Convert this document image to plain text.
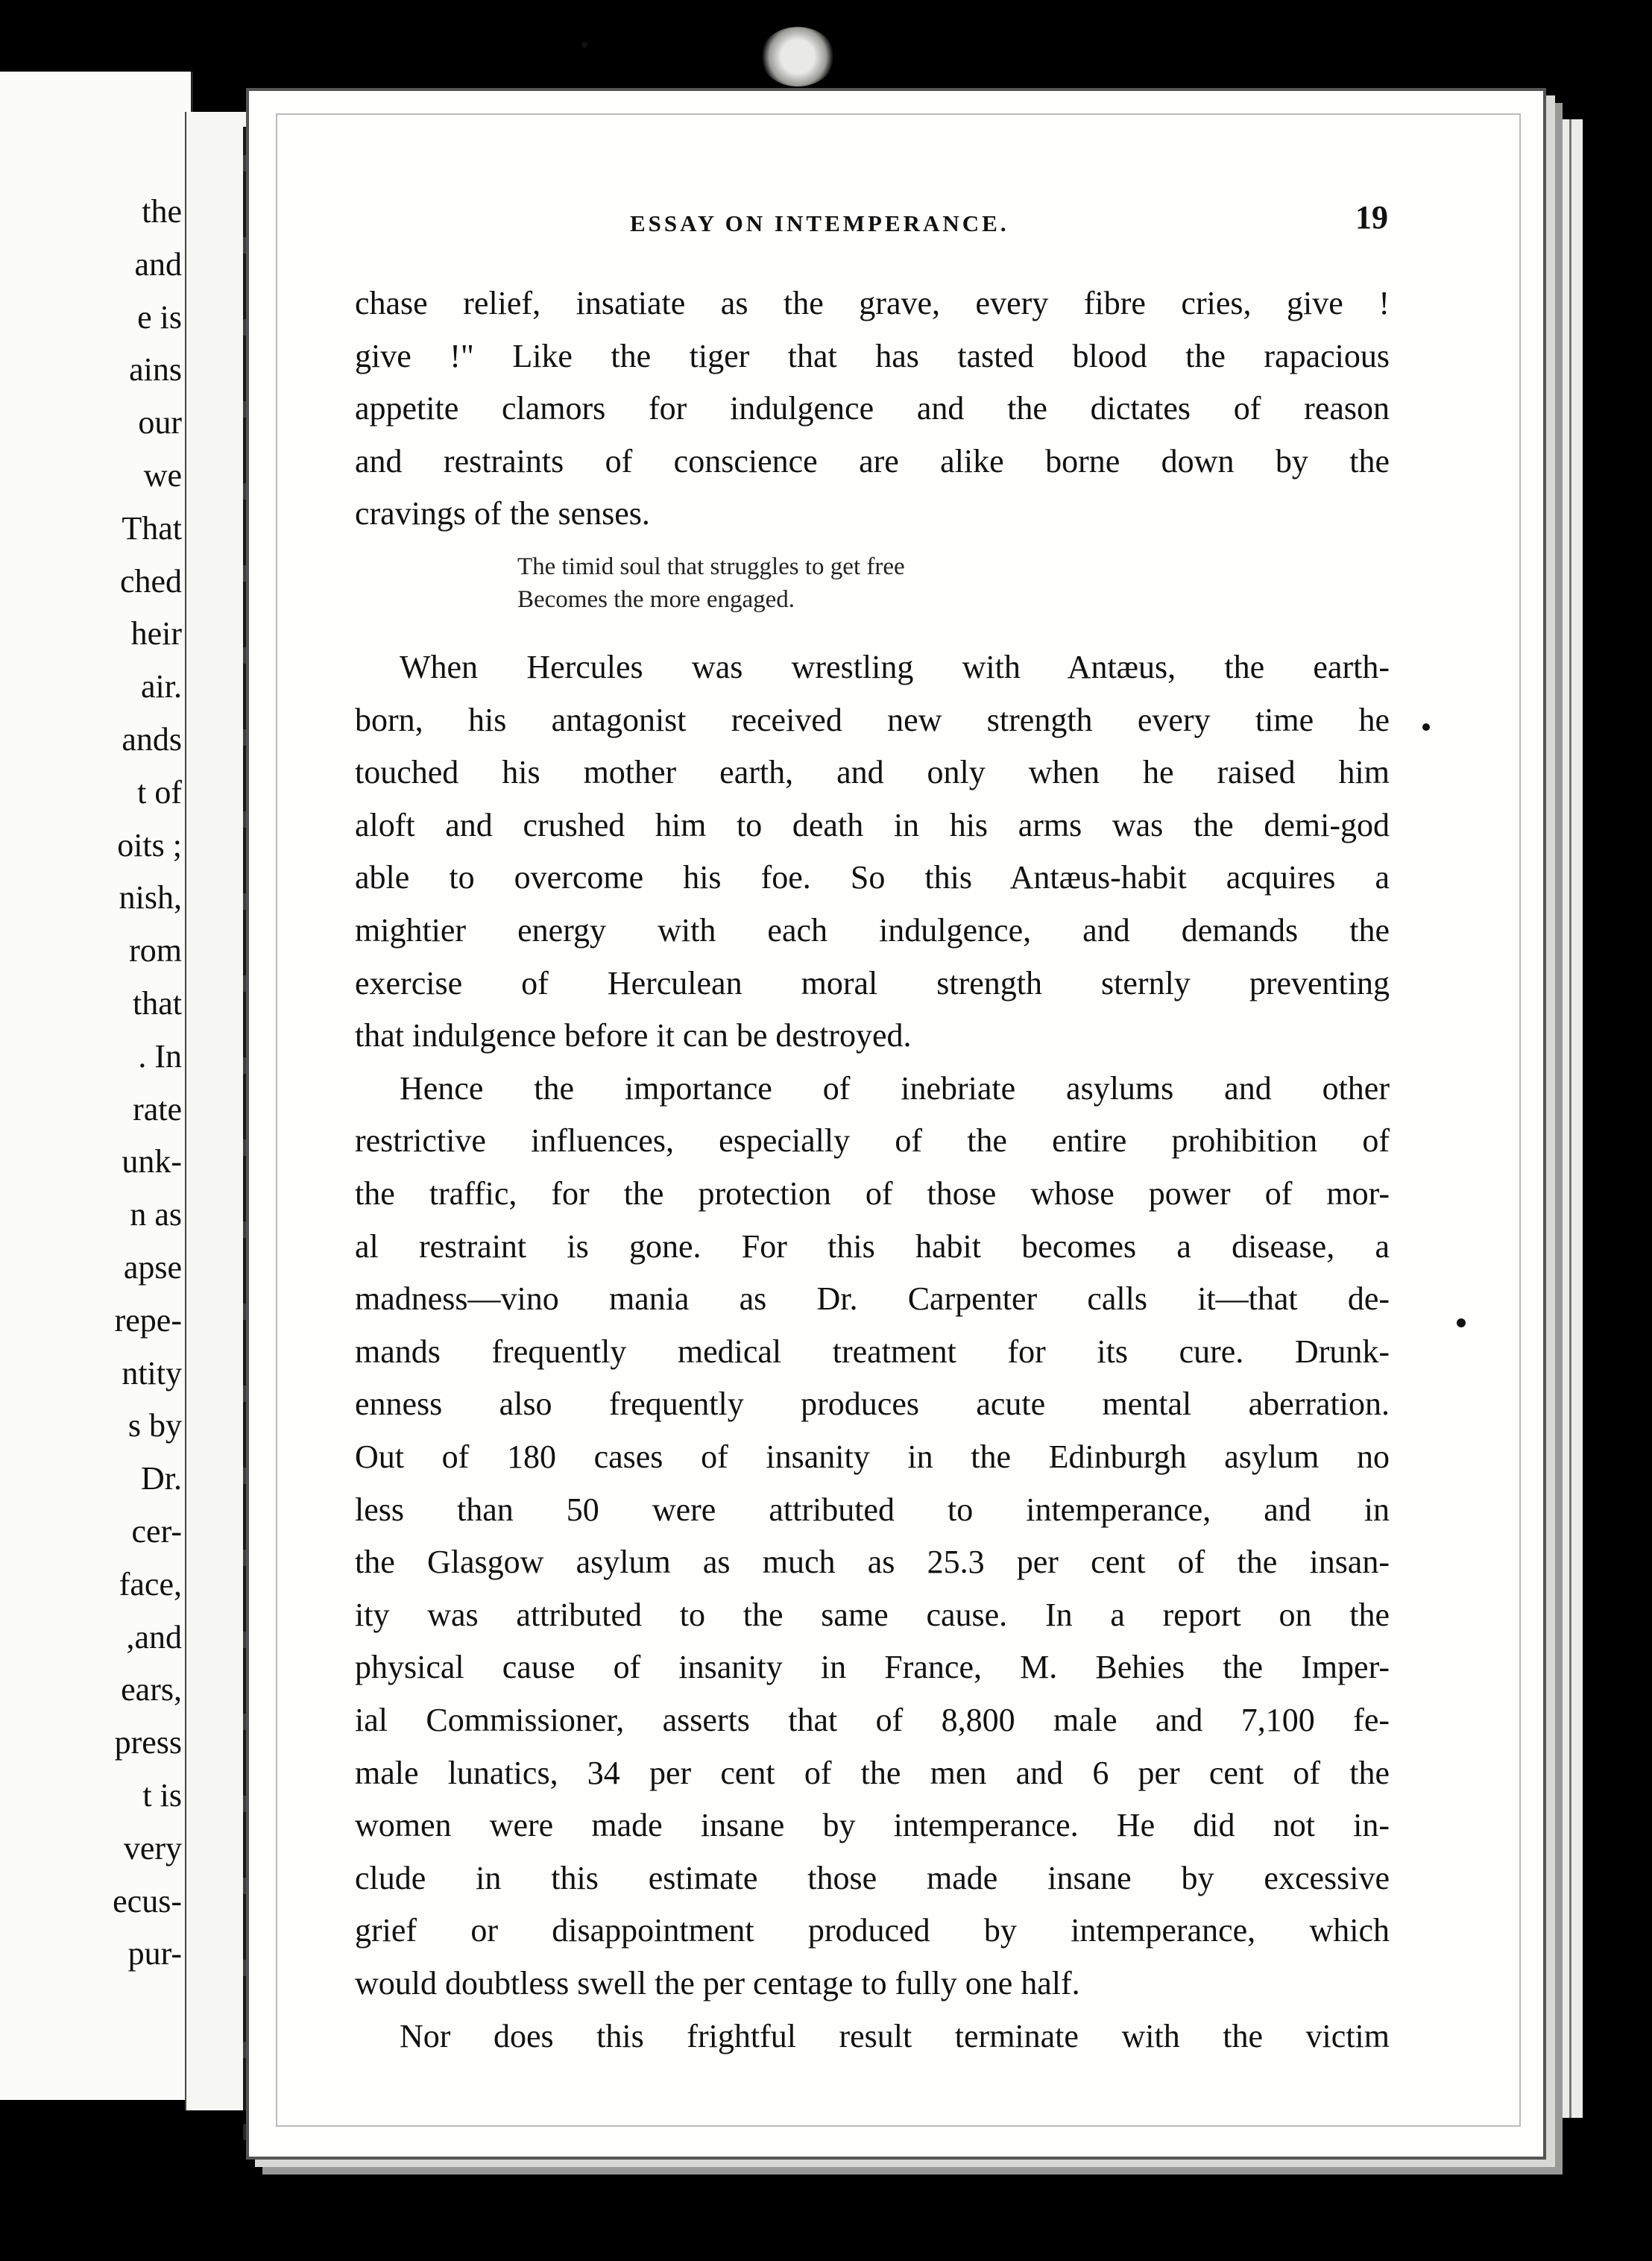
the
and
e is
ains
our
we
That
ched
heir
air.
ands
t of
oits ;
nish,
rom
that
. In
rate
unk-
n as
apse
repe-
ntity
s by
Dr.
cer-
face,
,and
ears,
press
t is
very
ecus-
pur-
ESSAY ON INTEMPERANCE.	19
chase relief, insatiate as the grave, every fibre cries, give !
give !" Like the tiger that has tasted blood the rapacious
appetite clamors for indulgence and the dictates of reason
and restraints of conscience are alike borne down by the
cravings of the senses.
The timid soul that struggles to get free
Becomes the more engaged.
When Hercules was wrestling with Antæus, the earth-
born, his antagonist received new strength every time he
touched his mother earth, and only when he raised him
aloft and crushed him to death in his arms was the demi-god
able to overcome his foe. So this Antæus-habit acquires a
mightier energy with each indulgence, and demands the
exercise of Herculean moral strength sternly preventing
that indulgence before it can be destroyed.
Hence the importance of inebriate asylums and other
restrictive influences, especially of the entire prohibition of
the traffic, for the protection of those whose power of mor-
al restraint is gone. For this habit becomes a disease, a
madness—vino mania as Dr. Carpenter calls it—that de-
mands frequently medical treatment for its cure. Drunk-
enness also frequently produces acute mental aberration.
Out of 180 cases of insanity in the Edinburgh asylum no
less than 50 were attributed to intemperance, and in
the Glasgow asylum as much as 25.3 per cent of the insan-
ity was attributed to the same cause. In a report on the
physical cause of insanity in France, M. Behies the Imper-
ial Commissioner, asserts that of 8,800 male and 7,100 fe-
male lunatics, 34 per cent of the men and 6 per cent of the
women were made insane by intemperance. He did not in-
clude in this estimate those made insane by excessive
grief or disappointment produced by intemperance, which
would doubtless swell the per centage to fully one half.
Nor does this frightful result terminate with the victim
